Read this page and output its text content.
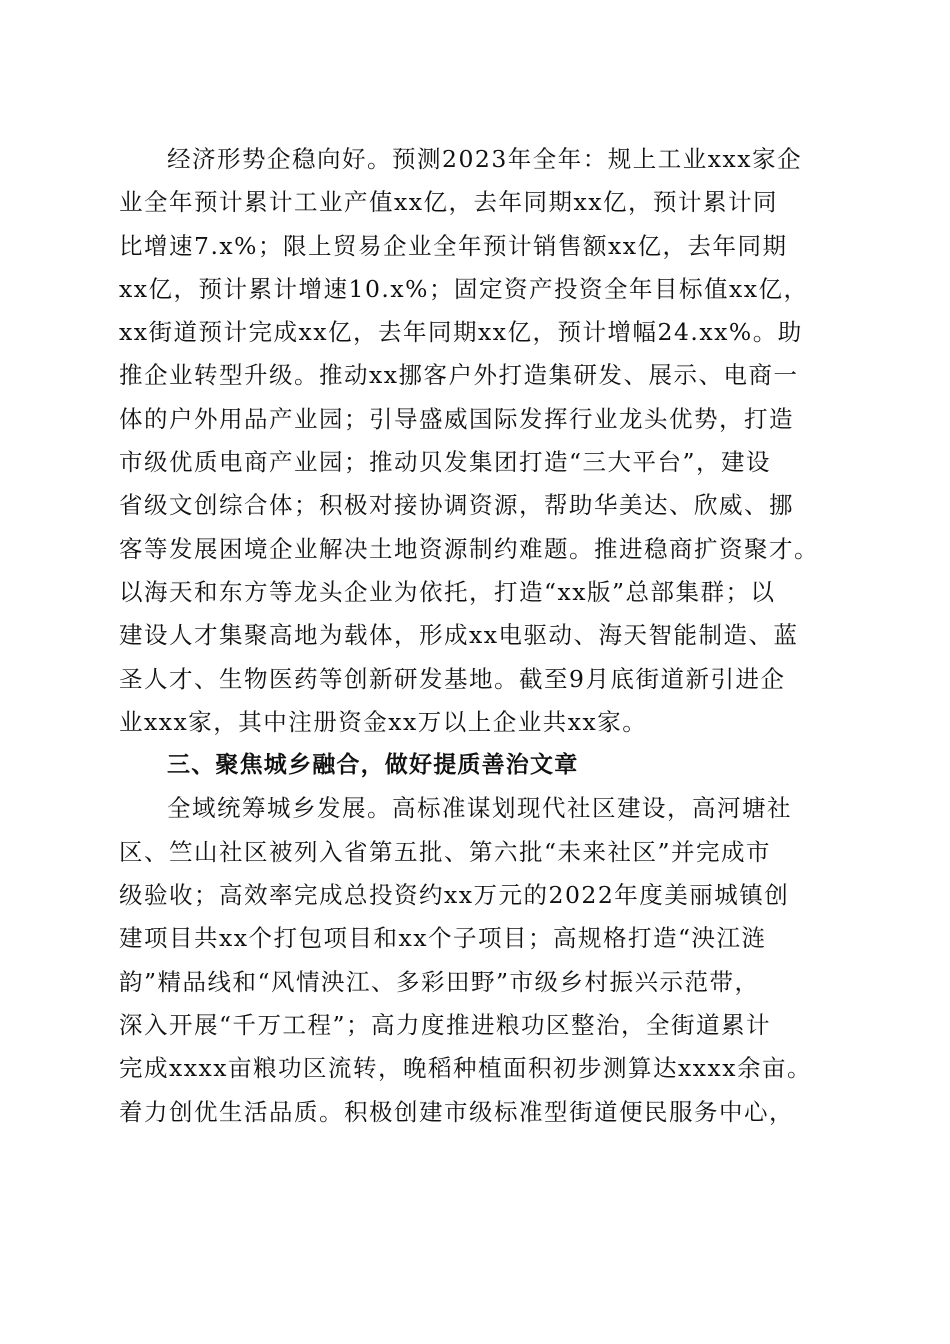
经济形势企稳向好。预测2023年全年：规上工业xxx家企
业全年预计累计工业产值xx亿，去年同期xx亿，预计累计同
比增速7.x%；限上贸易企业全年预计销售额xx亿，去年同期
xx亿，预计累计增速10.x%；固定资产投资全年目标值xx亿，
xx街道预计完成xx亿，去年同期xx亿，预计增幅24.xx%。助
推企业转型升级。推动xx挪客户外打造集研发、展示、电商一
体的户外用品产业园；引导盛威国际发挥行业龙头优势，打造
市级优质电商产业园；推动贝发集团打造“三大平台”，建设
省级文创综合体；积极对接协调资源，帮助华美达、欣威、挪
客等发展困境企业解决土地资源制约难题。推进稳商扩资聚才。
以海天和东方等龙头企业为依托，打造“xx版”总部集群；以
建设人才集聚高地为载体，形成xx电驱动、海天智能制造、蓝
圣人才、生物医药等创新研发基地。截至9月底街道新引进企
业xxx家，其中注册资金xx万以上企业共xx家。
三、聚焦城乡融合，做好提质善治文章
全域统筹城乡发展。高标准谋划现代社区建设，高河塘社
区、竺山社区被列入省第五批、第六批“未来社区”并完成市
级验收；高效率完成总投资约xx万元的2022年度美丽城镇创
建项目共xx个打包项目和xx个子项目；高规格打造“泱江涟
韵”精品线和“风情泱江、多彩田野”市级乡村振兴示范带，
深入开展“千万工程”；高力度推进粮功区整治，全街道累计
完成xxxx亩粮功区流转，晚稻种植面积初步测算达xxxx余亩。
着力创优生活品质。积极创建市级标准型街道便民服务中心，
